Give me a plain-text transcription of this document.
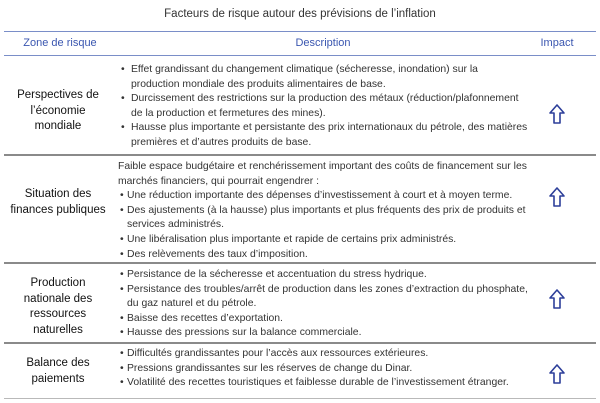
Facteurs de risque autour des prévisions de l’inflation
Zone de risque	Description	Impact
Perspectives de l’économie mondiale
• Effet grandissant du changement climatique (sécheresse, inondation) sur la production mondiale des produits alimentaires de base.
• Durcissement des restrictions sur la production des métaux (réduction/plafonnement de la production et fermetures des mines).
• Hausse plus importante et persistante des prix internationaux du pétrole, des matières premières et d’autres produits de base.
Situation des finances publiques

Faible espace budgétaire et renchérissement important des coûts de financement sur les marchés financiers, qui pourrait engendrer :

• Une réduction importante des dépenses d’investissement à court et à moyen terme.
• Des ajustements (à la hausse) plus importants et plus fréquents des prix de produits et services administrés.
• Une libéralisation plus importante et rapide de certains prix administrés.
• Des relèvements des taux d’imposition.
Production nationale des ressources naturelles
• Persistance de la sécheresse et accentuation du stress hydrique.
• Persistance des troubles/arrêt de production dans les zones d’extraction du phosphate, du gaz naturel et du pétrole.
• Baisse des recettes d’exportation.
• Hausse des pressions sur la balance commerciale.
Balance des paiements
• Difficultés grandissantes pour l’accès aux ressources extérieures.
• Pressions grandissantes sur les réserves de change du Dinar.
• Volatilité des recettes touristiques et faiblesse durable de l’investissement étranger.
